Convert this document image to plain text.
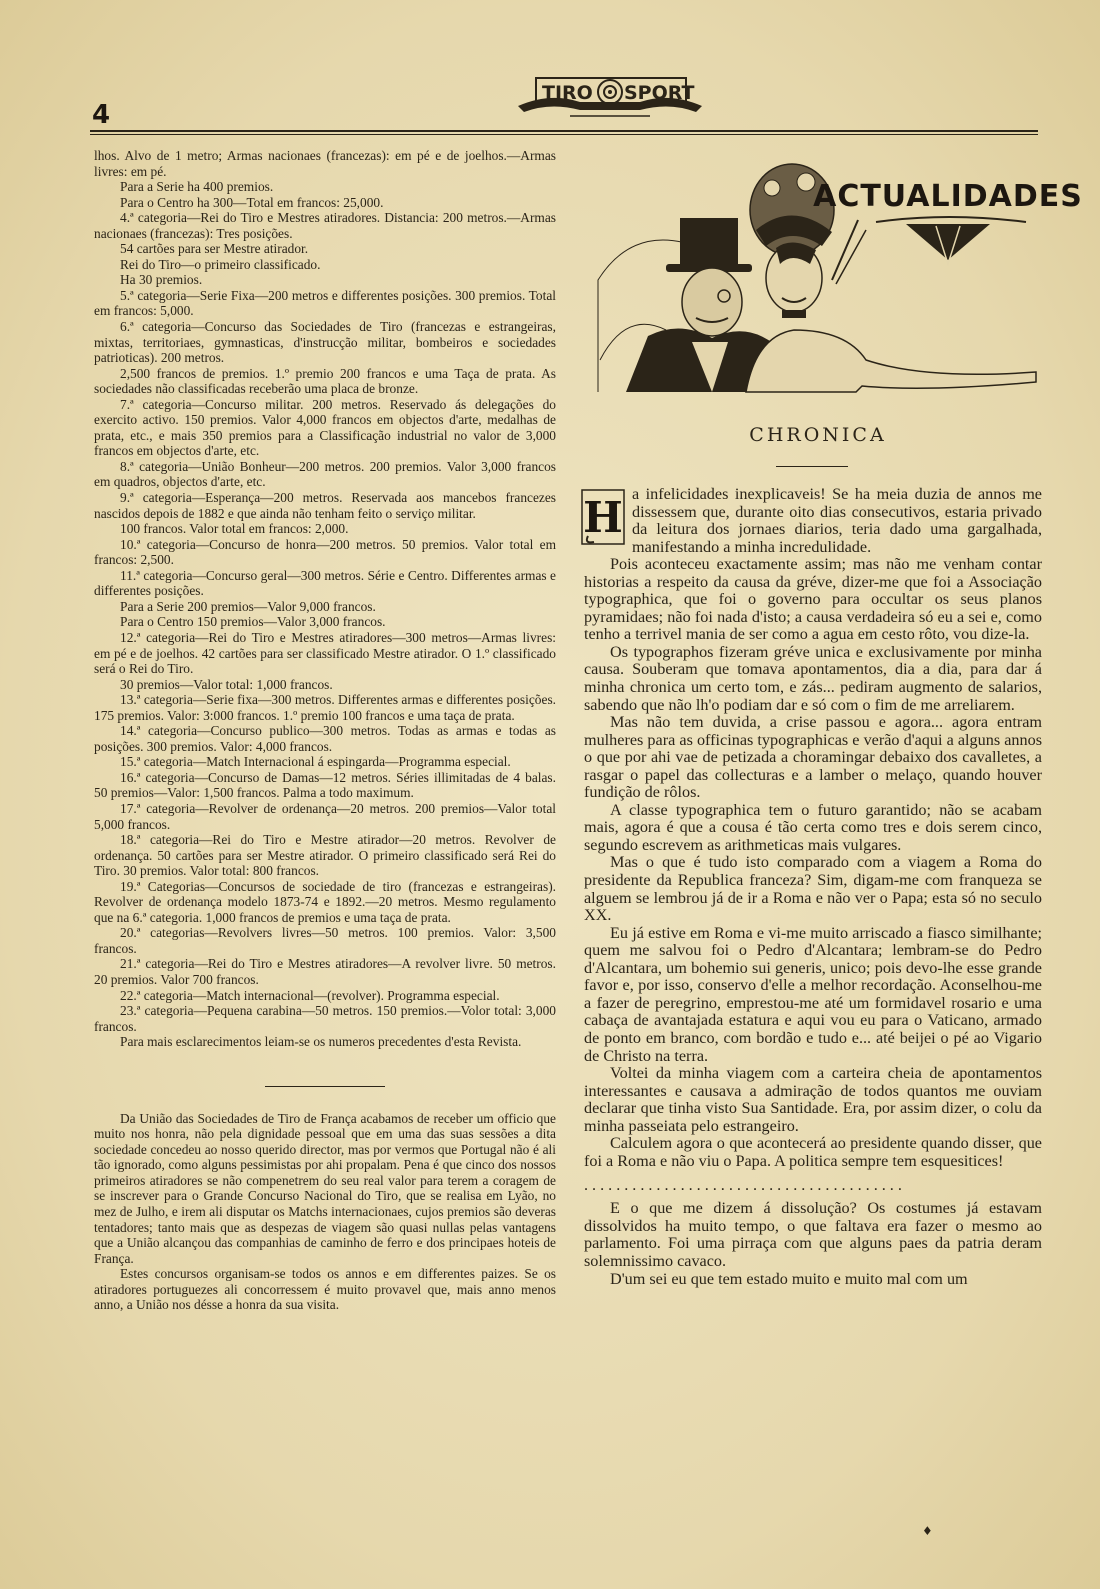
4
TIRO SPORT

lhos. Alvo de 1 metro; Armas nacionaes (francezas): em pé e de joelhos.—Armas livres: em pé.

Para a Serie ha 400 premios.

Para o Centro ha 300—Total em francos: 25,000.

4.ª categoria—Rei do Tiro e Mestres atiradores. Distancia: 200 metros.—Armas nacionaes (francezas): Tres posições.

54 cartões para ser Mestre atirador.

Rei do Tiro—o primeiro classificado.

Ha 30 premios.

5.ª categoria—Serie Fixa—200 metros e differentes posições. 300 premios. Total em francos: 5,000.

6.ª categoria—Concurso das Sociedades de Tiro (francezas e estrangeiras, mixtas, territoriaes, gymnasticas, d'instrucção militar, bombeiros e sociedades patrioticas). 200 metros.

2,500 francos de premios. 1.º premio 200 francos e uma Taça de prata. As sociedades não classificadas receberão uma placa de bronze.

7.ª categoria—Concurso militar. 200 metros. Reservado ás delegações do exercito activo. 150 premios. Valor 4,000 francos em objectos d'arte, medalhas de prata, etc., e mais 350 premios para a Classificação industrial no valor de 3,000 francos em objectos d'arte, etc.

8.ª categoria—União Bonheur—200 metros. 200 premios. Valor 3,000 francos em quadros, objectos d'arte, etc.

9.ª categoria—Esperança—200 metros. Reservada aos mancebos francezes nascidos depois de 1882 e que ainda não tenham feito o serviço militar.

100 francos. Valor total em francos: 2,000.

10.ª categoria—Concurso de honra—200 metros. 50 premios. Valor total em francos: 2,500.

11.ª categoria—Concurso geral—300 metros. Série e Centro. Differentes armas e differentes posições.

Para a Serie 200 premios—Valor 9,000 francos.

Para o Centro 150 premios—Valor 3,000 francos.

12.ª categoria—Rei do Tiro e Mestres atiradores—300 metros—Armas livres: em pé e de joelhos. 42 cartões para ser classificado Mestre atirador. O 1.º classificado será o Rei do Tiro.

30 premios—Valor total: 1,000 francos.

13.ª categoria—Serie fixa—300 metros. Differentes armas e differentes posições. 175 premios. Valor: 3:000 francos. 1.º premio 100 francos e uma taça de prata.

14.ª categoria—Concurso publico—300 metros. Todas as armas e todas as posições. 300 premios. Valor: 4,000 francos.

15.ª categoria—Match Internacional á espingarda—Programma especial.

16.ª categoria—Concurso de Damas—12 metros. Séries illimitadas de 4 balas. 50 premios—Valor: 1,500 francos. Palma a todo maximum.

17.ª categoria—Revolver de ordenança—20 metros. 200 premios—Valor total 5,000 francos.

18.ª categoria—Rei do Tiro e Mestre atirador—20 metros. Revolver de ordenança. 50 cartões para ser Mestre atirador. O primeiro classificado será Rei do Tiro. 30 premios. Valor total: 800 francos.

19.ª Categorias—Concursos de sociedade de tiro (francezas e estrangeiras). Revolver de ordenança modelo 1873-74 e 1892.—20 metros. Mesmo regulamento que na 6.ª categoria. 1,000 francos de premios e uma taça de prata.

20.ª categorias—Revolvers livres—50 metros. 100 premios. Valor: 3,500 francos.

21.ª categoria—Rei do Tiro e Mestres atiradores—A revolver livre. 50 metros. 20 premios. Valor 700 francos.

22.ª categoria—Match internacional—(revolver). Programma especial.

23.ª categoria—Pequena carabina—50 metros. 150 premios.—Volor total: 3,000 francos.

Para mais esclarecimentos leiam-se os numeros precedentes d'esta Revista.

Da União das Sociedades de Tiro de França acabamos de receber um officio que muito nos honra, não pela dignidade pessoal que em uma das suas sessões a dita sociedade concedeu ao nosso querido director, mas por vermos que Portugal não é ali tão ignorado, como alguns pessimistas por ahi propalam. Pena é que cinco dos nossos primeiros atiradores se não compenetrem do seu real valor para terem a coragem de se inscrever para o Grande Concurso Nacional do Tiro, que se realisa em Lyão, no mez de Julho, e irem ali disputar os Matchs internacionaes, cujos premios são deveras tentadores; tanto mais que as despezas de viagem são quasi nullas pelas vantagens que a União alcançou das companhias de caminho de ferro e dos principaes hoteis de França.

Estes concursos organisam-se todos os annos e em differentes paizes. Se os atiradores portuguezes ali concorressem é muito provavel que, mais anno menos anno, a União nos désse a honra da sua visita.

ACTUALIDADES
CHRONICA

H a infelicidades inexplicaveis! Se ha meia duzia de annos me dissessem que, durante oito dias consecutivos, estaria privado da leitura dos jornaes diarios, teria dado uma gargalhada, manifestando a minha incredulidade.

Pois aconteceu exactamente assim; mas não me venham contar historias a respeito da causa da gréve, dizer-me que foi a Associação typographica, que foi o governo para occultar os seus planos pyramidaes; não foi nada d'isto; a causa verdadeira só eu a sei e, como tenho a terrivel mania de ser como a agua em cesto rôto, vou dize-la.

Os typographos fizeram gréve unica e exclusivamente por minha causa. Souberam que tomava apontamentos, dia a dia, para dar á minha chronica um certo tom, e zás... pediram augmento de salarios, sabendo que não lh'o podiam dar e só com o fim de me arreliarem.

Mas não tem duvida, a crise passou e agora... agora entram mulheres para as officinas typographicas e verão d'aqui a alguns annos o que por ahi vae de petizada a choramingar debaixo dos cavalletes, a rasgar o papel das collecturas e a lamber o melaço, quando houver fundição de rôlos.

A classe typographica tem o futuro garantido; não se acabam mais, agora é que a cousa é tão certa como tres e dois serem cinco, segundo escrevem as arithmeticas mais vulgares.

Mas o que é tudo isto comparado com a viagem a Roma do presidente da Republica franceza? Sim, digam-me com franqueza se alguem se lembrou já de ir a Roma e não ver o Papa; esta só no seculo XX.

Eu já estive em Roma e vi-me muito arriscado a fiasco similhante; quem me salvou foi o Pedro d'Alcantara; lembram-se do Pedro d'Alcantara, um bohemio sui generis, unico; pois devo-lhe esse grande favor e, por isso, conservo d'elle a melhor recordação. Aconselhou-me a fazer de peregrino, emprestou-me até um formidavel rosario e uma cabaça de avantajada estatura e aqui vou eu para o Vaticano, armado de ponto em branco, com bordão e tudo e... até beijei o pé ao Vigario de Christo na terra.

Voltei da minha viagem com a carteira cheia de apontamentos interessantes e causava a admiração de todos quantos me ouviam declarar que tinha visto Sua Santidade. Era, por assim dizer, o colu da minha passeiata pelo estrangeiro.

Calculem agora o que acontecerá ao presidente quando disser, que foi a Roma e não viu o Papa. A politica sempre tem esquesitices!

........................................

E o que me dizem á dissolução? Os costumes já estavam dissolvidos ha muito tempo, o que faltava era fazer o mesmo ao parlamento. Foi uma pirraça com que alguns paes da patria deram solemnissimo cavaco.

D'um sei eu que tem estado muito e muito mal com um

♦
